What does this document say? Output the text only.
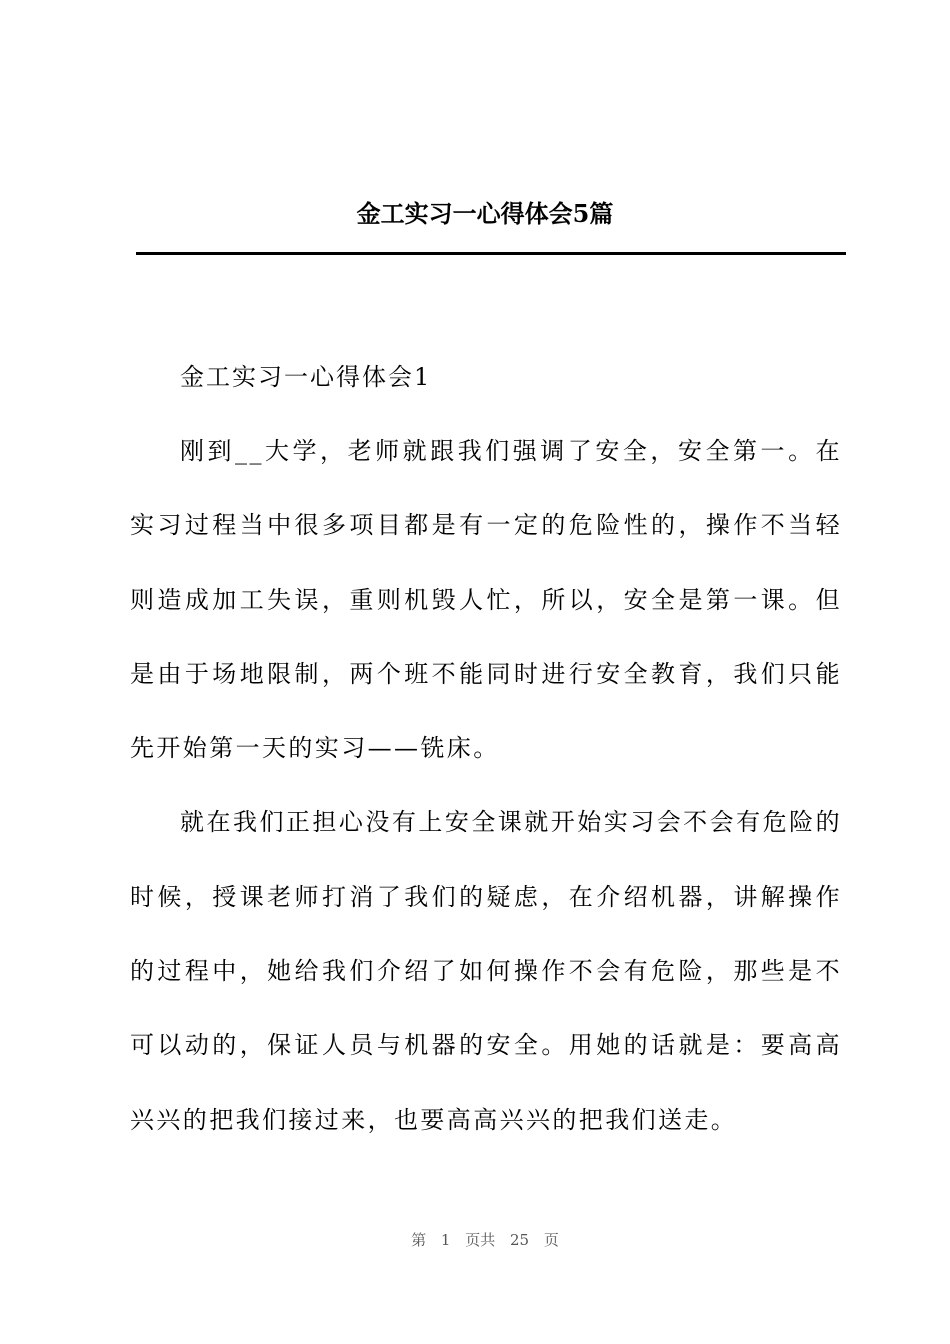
金工实习一心得体会5篇
金工实习一心得体会1

刚到__大学，老师就跟我们强调了安全，安全第一。在实习过程当中很多项目都是有一定的危险性的，操作不当轻则造成加工失误，重则机毁人忙，所以，安全是第一课。但是由于场地限制，两个班不能同时进行安全教育，我们只能先开始第一天的实习——铣床。

就在我们正担心没有上安全课就开始实习会不会有危险的时候，授课老师打消了我们的疑虑，在介绍机器，讲解操作的过程中，她给我们介绍了如何操作不会有危险，那些是不可以动的，保证人员与机器的安全。用她的话就是：要高高兴兴的把我们接过来，也要高高兴兴的把我们送走。

第 1 页共 25 页
